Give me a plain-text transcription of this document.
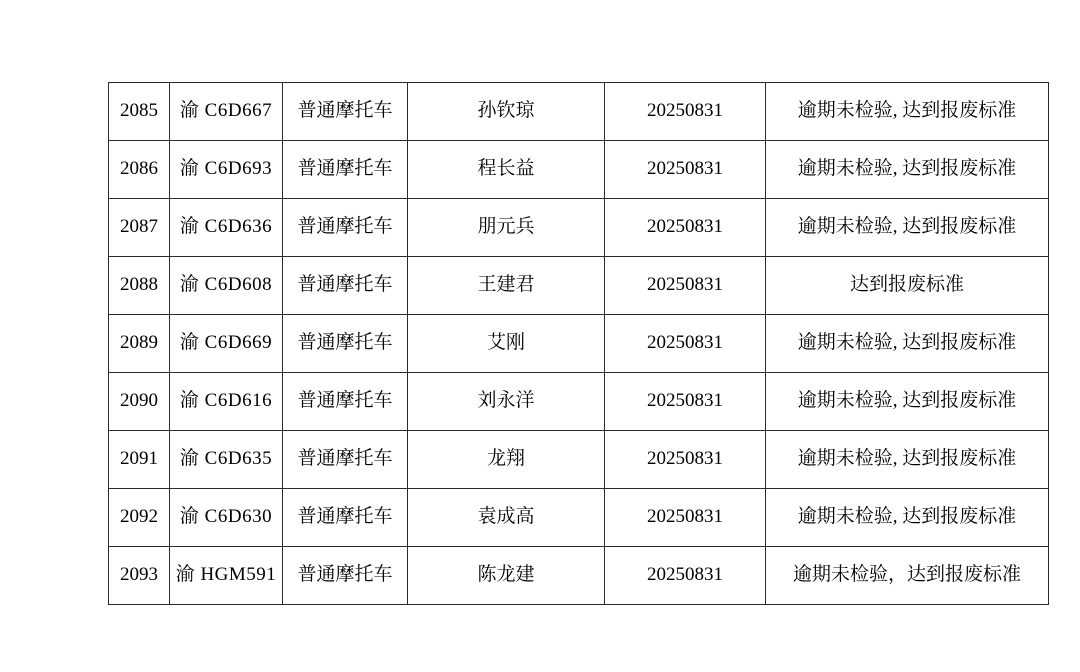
2085	渝 C6D667	普通摩托车	孙钦琼	20250831	逾期未检验, 达到报废标准
2086	渝 C6D693	普通摩托车	程长益	20250831	逾期未检验, 达到报废标准
2087	渝 C6D636	普通摩托车	朋元兵	20250831	逾期未检验, 达到报废标准
2088	渝 C6D608	普通摩托车	王建君	20250831	达到报废标准
2089	渝 C6D669	普通摩托车	艾刚	20250831	逾期未检验, 达到报废标准
2090	渝 C6D616	普通摩托车	刘永洋	20250831	逾期未检验, 达到报废标准
2091	渝 C6D635	普通摩托车	龙翔	20250831	逾期未检验, 达到报废标准
2092	渝 C6D630	普通摩托车	袁成高	20250831	逾期未检验, 达到报废标准
2093	渝 HGM591	普通摩托车	陈龙建	20250831	逾期未检验，达到报废标准
